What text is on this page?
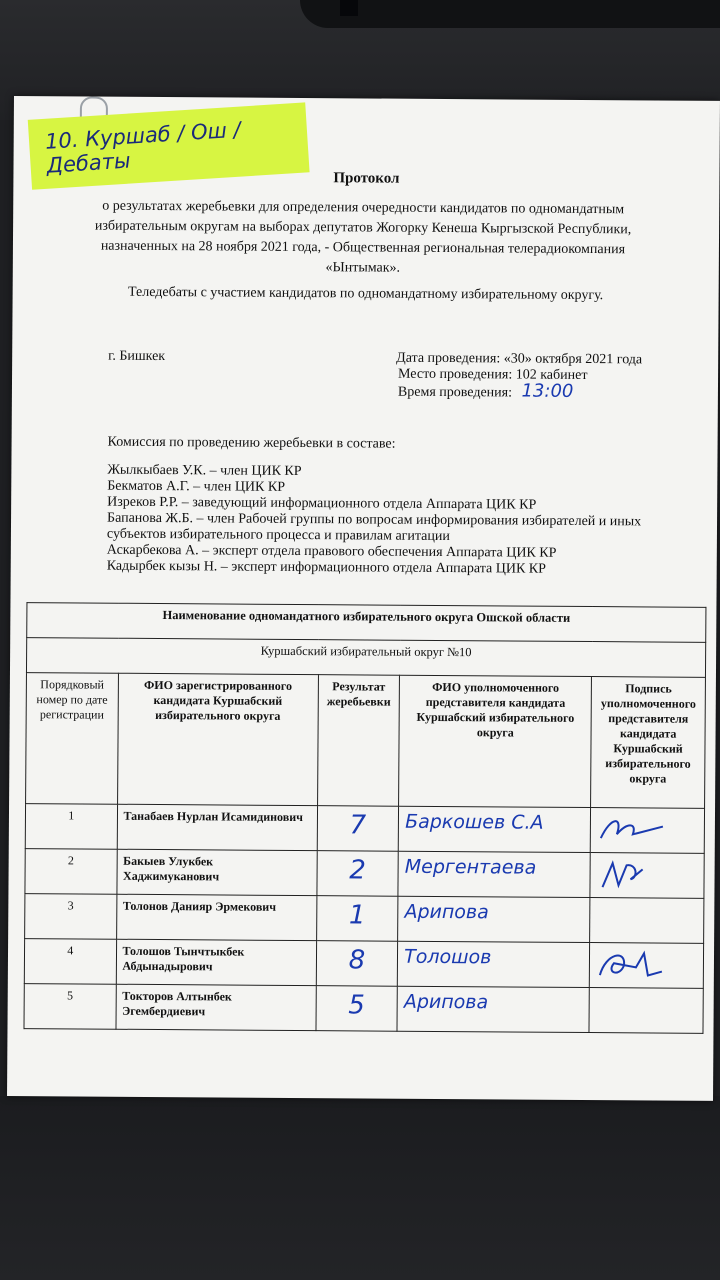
10. Куршаб / Ош / Дебаты
Протокол
о результатах жеребьевки для определения очередности кандидатов по одномандатным избирательным округам на выборах депутатов Жогорку Кенеша Кыргызской Республики, назначенных на 28 ноября 2021 года, - Общественная региональная телерадиокомпания «Ынтымак».
Теледебаты с участием кандидатов по одномандатному избирательному округу.
г. Бишкек	Дата проведения: «30» октября 2021 года
Место проведения: 102 кабинет
Время проведения: 13:00
Комиссия по проведению жеребьевки в составе:
Жылкыбаев У.К. – член ЦИК КР
Бекматов А.Г. – член ЦИК КР
Изреков Р.Р. – заведующий информационного отдела Аппарата ЦИК КР
Бапанова Ж.Б. – член Рабочей группы по вопросам информирования избирателей и иных субъектов избирательного процесса и правилам агитации
Аскарбекова А. – эксперт отдела правового обеспечения Аппарата ЦИК КР
Кадырбек кызы Н. – эксперт информационного отдела Аппарата ЦИК КР
Наименование одномандатного избирательного округа Ошской области				
Куршабский избирательный округ №10				
Порядковый номер по дате регистрации	ФИО зарегистрированного кандидата Куршабский избирательного округа	Результат жеребьевки	ФИО уполномоченного представителя кандидата Куршабский избирательного округа	Подпись уполномоченного представителя кандидата Куршабский избирательного округа
1	Танабаев Нурлан Исамидинович	7	Баркошев С.А	

2	Бакыев Улукбек Хаджимуканович	2	Мергентаева	

3	Толонов Данияр Эрмекович	1	Арипова	
4	Толошов Тынчтыкбек Абдынадырович	8	Толошов	

5	Токторов Алтынбек Эгембердиевич	5	Арипова	
